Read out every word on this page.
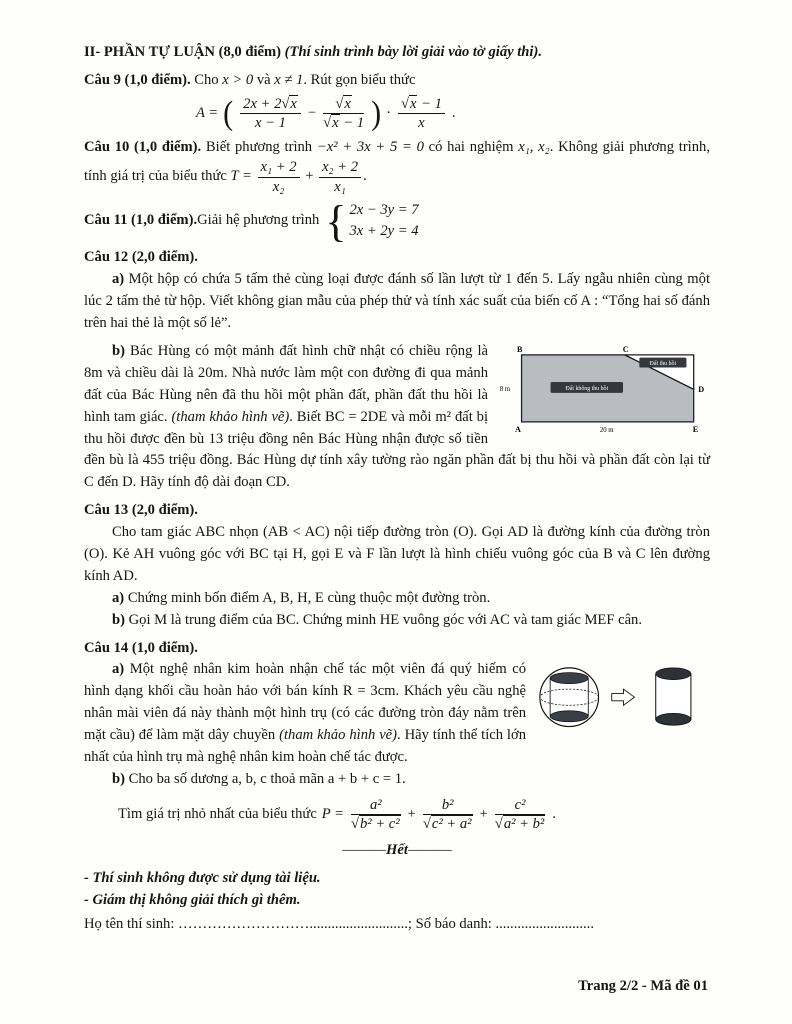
II- PHẦN TỰ LUẬN (8,0 điểm) (Thí sinh trình bày lời giải vào tờ giấy thi).

Câu 9 (1,0 điểm). Cho x > 0 và x ≠ 1. Rút gọn biểu thức

A = ( $\frac{2x + 2√x}{x - 1} - \frac{√x}{√x - 1}$ ) · $\frac{√x - 1}{x}$ .

Câu 10 (1,0 điểm). Biết phương trình −x² + 3x + 5 = 0 có hai nghiệm x₁, x₂. Không giải phương trình, tính giá trị của biểu thức $T = \frac{\text{x₁ + 2}}{\text{x₂}} + \frac{\text{x₂ + 2}}{\text{x₁}}$ .

Câu 11 (1,0 điểm). Giải hệ phương trình { 2x − 3y = 7
3x + 2y = 4

Câu 12 (2,0 điểm).

a) Một hộp có chứa 5 tấm thẻ cùng loại được đánh số lần lượt từ 1 đến 5. Lấy ngẫu nhiên cùng một lúc 2 tấm thẻ từ hộp. Viết không gian mẫu của phép thử và tính xác suất của biến cố A : “Tổng hai số đánh trên hai thẻ là một số lẻ”.

Đất thu hồi
Đất không thu hồi
B	C
D
A	E
8 m
20 m
b) Bác Hùng có một mảnh đất hình chữ nhật có chiều rộng là 8m và chiều dài là 20m. Nhà nước làm một con đường đi qua mảnh đất của Bác Hùng nên đã thu hồi một phần đất, phần đất thu hồi là hình tam giác. (tham khảo hình vẽ). Biết BC = 2DE và mỗi m² đất bị thu hồi được đền bù 13 triệu đồng nên Bác Hùng nhận được số tiền đền bù là 455 triệu đồng. Bác Hùng dự tính xây tường rào ngăn phần đất bị thu hồi và phần đất còn lại từ C đến D. Hãy tính độ dài đoạn CD.

Câu 13 (2,0 điểm).

Cho tam giác ABC nhọn (AB < AC) nội tiếp đường tròn (O). Gọi AD là đường kính của đường tròn (O). Kẻ AH vuông góc với BC tại H, gọi E và F lần lượt là hình chiếu vuông góc của B và C lên đường kính AD.

a) Chứng minh bốn điểm A, B, H, E cùng thuộc một đường tròn.

b) Gọi M là trung điểm của BC. Chứng minh HE vuông góc với AC và tam giác MEF cân.

Câu 14 (1,0 điểm).

a) Một nghệ nhân kim hoàn nhận chế tác một viên đá quý hiếm có hình dạng khối cầu hoàn hảo với bán kính R = 3cm. Khách yêu cầu nghệ nhân mài viên đá này thành một hình trụ (có các đường tròn đáy nằm trên mặt cầu) để làm mặt dây chuyền (tham khảo hình vẽ). Hãy tính thể tích lớn nhất của hình trụ mà nghệ nhân kim hoàn chế tác được.

b) Cho ba số dương a, b, c thoả mãn a + b + c = 1.

Tìm giá trị nhỏ nhất của biểu thức $P = \frac{\text{a²}}{\text{√b² + c²}} + \frac{\text{b²}}{\text{√c² + a²}} + \frac{\text{c²}}{\text{√a² + b²}}$ .

———Hết———

- Thí sinh không được sử dụng tài liệu.

- Giám thị không giải thích gì thêm.

Họ tên thí sinh: ………………………...........................; Số báo danh: ...........................

Trang 2/2 - Mã đề 01
